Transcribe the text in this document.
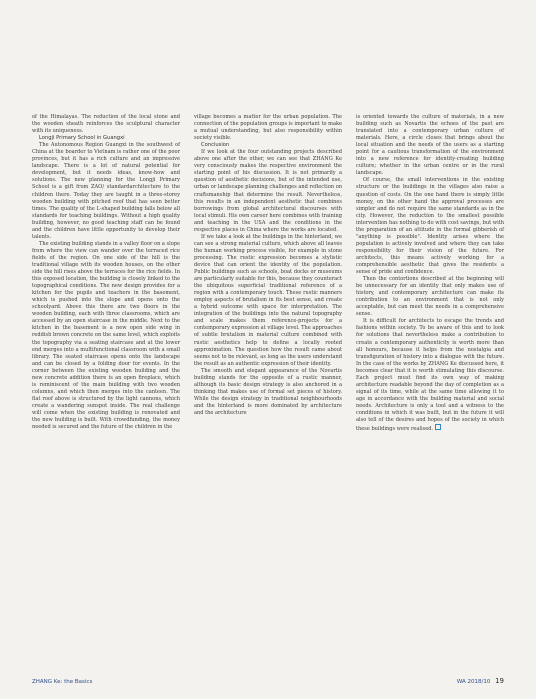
of the Himalayas. The reduction of the local stone and the wooden sheath reinforces the sculptural character with its uniqueness.

Longji Primary School in Guangxi

The Autonomous Region Guangxi in the southwest of China at the boarder to Vietnam is rather one of the poor provinces, but it has a rich culture and an impressive landscape. There is a lot of natural potential for development, but it needs ideas, know-how and solutions. The new planning for the Longji Primary School is a gift from ZAO/ standardarchitecture to the children there. Today they are taught in a three-storey wooden building with pitched roof that has seen better times. The quality of the L-shaped building falls below all standards for teaching buildings. Without a high quality building, however, no good teaching staff can be found and the children have little opportunity to develop their talents.

The existing building stands in a valley floor on a slope from where the view can wander over the terraced rice fields of the region. On one side of the hill is the traditional village with its wooden houses, on the other side the hill rises above the terraces for the rice fields. In this exposed location, the building is closely linked to the topographical conditions. The new design provides for a kitchen for the pupils and teachers in the basement, which is pushed into the slope and opens onto the schoolyard. Above this there are two floors in the wooden building, each with three classrooms, which are accessed by an open staircase in the middle. Next to the kitchen in the basement is a new open side wing in reddish brown concrete on the same level, which exploits the topography via a seating staircase and at the lower end merges into a multifunctional classroom with a small library. The seated staircase opens onto the landscape and can be closed by a folding door for events. In the corner between the existing wooden building and the new concrete addition there is an open fireplace, which is reminiscent of the main building with two wooden columns, and which then merges into the canteen. The flat roof above is structured by the light cannons, which create a wandering sunspot inside. The real challenge will come when the existing building is renovated and the new building is built. With crowdfunding, the money needed is secured and the future of the children in the

village becomes a matter for the urban population. The connection of the population groups is important to make a mutual understanding, but also responsibility within society visible.

Conclusion

If we look at the four outstanding projects described above one after the other, we can see that ZHANG Ke very consciously makes the respective environment the starting point of his discussion. It is not primarily a question of aesthetic decisions, but of the intended use, urban or landscape planning challenges and reflection on craftsmanship that determine the result. Nevertheless, this results in an independent aesthetic that combines borrowings from global architectural discourses with local stimuli. His own career here combines with training and teaching in the USA and the conditions in the respective places in China where the works are located.

If we take a look at the buildings in the hinterland, we can see a strong material culture, which above all leaves the human working process visible, for example in stone processing. The rustic expression becomes a stylistic device that can orient the identity of the population. Public buildings such as schools, boat docks or museums are particularly suitable for this, because they counteract the ubiquitous superficial traditional reference of a region with a contemporary touch. These rustic manners employ aspects of brutalism in its best sense, and create a hybrid outcome with space for interpretation. The integration of the buildings into the natural topography and scale makes them reference-projects for a contemporary expression at village level. The approaches of subtle brutalism in material culture combined with rustic aesthetics help to define a locally rooted approximation. The question how the result came about seems not to be relevant, as long as the users understand the result as an authentic expression of their identity.

The smooth and elegant appearance of the Novartis building stands for the opposite of a rustic manner, although its basic design strategy is also anchored in a thinking that makes use of formal set pieces of history. While the design strategy in traditional neighbourhoods and the hinterland is more dominated by architecture and the architecture

is oriented towards the culture of materials, in a new building such as Novartis the echoes of the past are translated into a contemporary urban culture of materials. Here, a circle closes that brings about the local situation and the needs of the users as a starting point for a cautious transformation of the environment into a new reference for identity-creating building culture; whether in the urban centre or in the rural landscape.

Of course, the small interventions in the existing structure or the buildings in the villages also raise a question of costs. On the one hand there is simply little money, on the other hand the approval processes are simpler and do not require the same standards as in the city. However, the reduction to the smallest possible intervention has nothing to do with cost savings, but with the preparation of an attitude in the formal gibberish of "anything is possible". Identity arises where the population is actively involved and where they can take responsibility for their vision of the future. For architects, this means actively working for a comprehensible aesthetic that gives the residents a sense of pride and confidence.

Then the contortions described at the beginning will be unnecessary for an identity that only makes use of history, and contemporary architecture can make its contribution to an environment that is not only acceptable, but can meet the needs in a comprehensive sense.

It is difficult for architects to escape the trends and fashions within society. To be aware of this and to look for solutions that nevertheless make a contribution to create a contemporary authenticity is worth more than all honours, because it helps from the nostalgia and transfiguration of history into a dialogue with the future. In the case of the works by ZHANG Ke discussed here, it becomes clear that it is worth stimulating this discourse. Each project must find its own way of making architecture readable beyond the day of completion as a signal of its time, while at the same time allowing it to age in accordance with the building material and social needs. Architecture is only a tool and a witness to the conditions in which it was built, but in the future it will also tell of the desires and hopes of the society in which these buildings were realised.

ZHANG Ke: the Basics	WA 2018/10 19
